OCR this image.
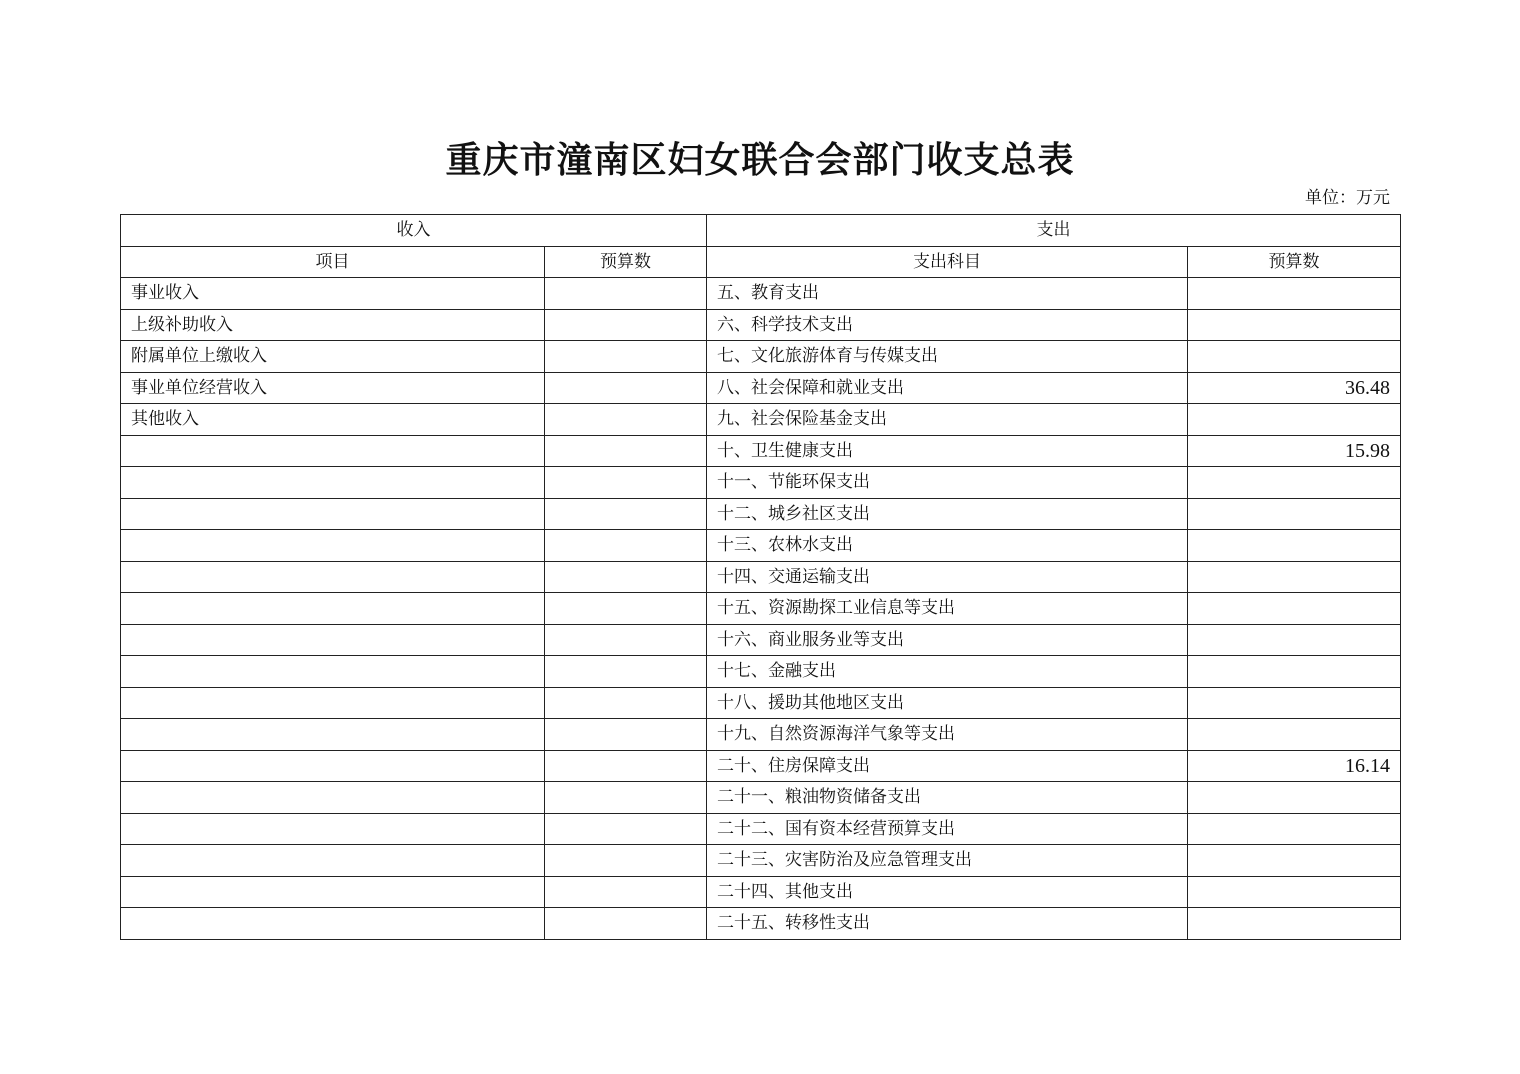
重庆市潼南区妇女联合会部门收支总表
单位：万元
收入		支出	
项目	预算数	支出科目	预算数
事业收入		五、教育支出	
上级补助收入		六、科学技术支出	
附属单位上缴收入		七、文化旅游体育与传媒支出	
事业单位经营收入		八、社会保障和就业支出	36.48
其他收入		九、社会保险基金支出	
		十、卫生健康支出	15.98
		十一、节能环保支出	
		十二、城乡社区支出	
		十三、农林水支出	
		十四、交通运输支出	
		十五、资源勘探工业信息等支出	
		十六、商业服务业等支出	
		十七、金融支出	
		十八、援助其他地区支出	
		十九、自然资源海洋气象等支出	
		二十、住房保障支出	16.14
		二十一、粮油物资储备支出	
		二十二、国有资本经营预算支出	
		二十三、灾害防治及应急管理支出	
		二十四、其他支出	
		二十五、转移性支出	
